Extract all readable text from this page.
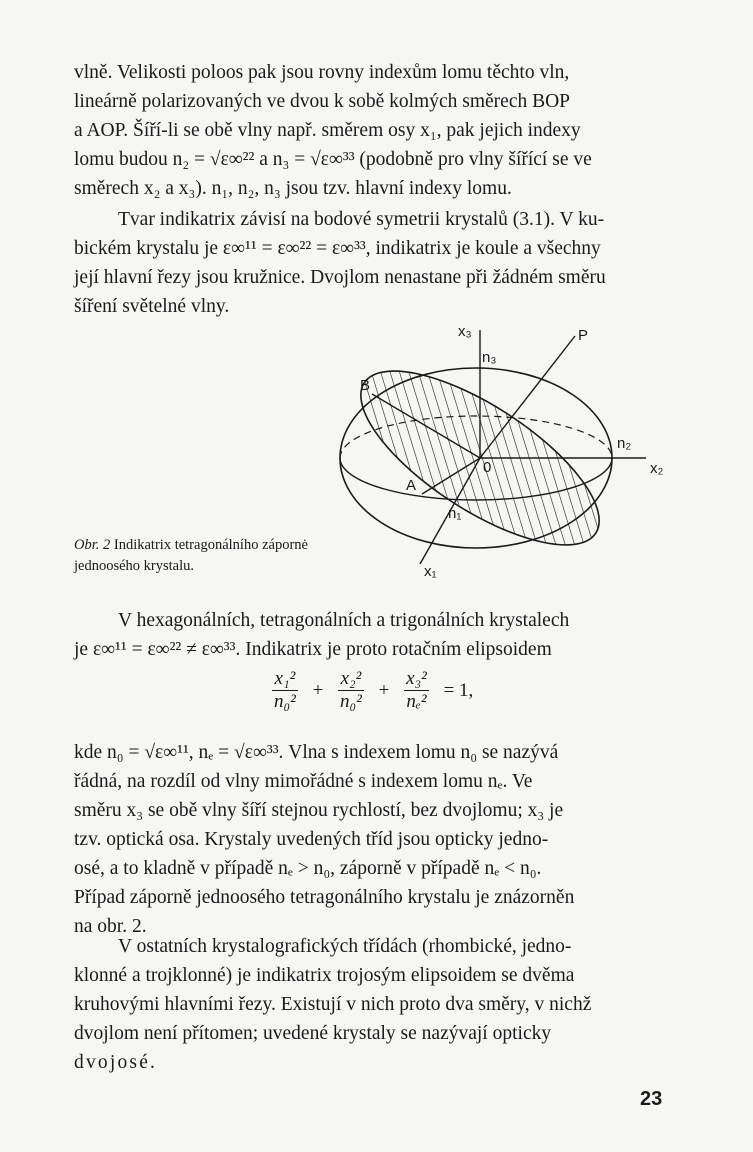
vlně. Velikosti poloos pak jsou rovny indexům lomu těchto vln,
lineárně polarizovaných ve dvou k sobě kolmých směrech BOP
a AOP. Šíří-li se obě vlny např. směrem osy x₁, pak jejich indexy
lomu budou n₂ = √ε∞²² a n₃ = √ε∞³³ (podobně pro vlny šířící se ve
směrech x₂ a x₃). n₁, n₂, n₃ jsou tzv. hlavní indexy lomu.

Tvar indikatrix závisí na bodové symetrii krystalů (3.1). V ku-
bickém krystalu je ε∞¹¹ = ε∞²² = ε∞³³, indikatrix je koule a všechny
její hlavní řezy jsou kružnice. Dvojlom nenastane při žádném směru
šíření světelné vlny.

x₃
n₃
P
B
n₂
x₂
0
A
n₁
x₁

Obr. 2 Indikatrix tetragonálního zápornė jednoosého krystalu.

V hexagonálních, tetragonálních a trigonálních krystalech
je ε∞¹¹ = ε∞²² ≠ ε∞³³. Indikatrix je proto rotačním elipsoidem

$\frac{\text{x₁²}}{\text{n₀²}} + \frac{\text{x₂²}}{\text{n₀²}} + \frac{\text{x₃²}}{\text{nₑ²}} = 1$,

kde n₀ = √ε∞¹¹, nₑ = √ε∞³³. Vlna s indexem lomu n₀ se nazývá
řádná, na rozdíl od vlny mimořádné s indexem lomu nₑ. Ve
směru x₃ se obě vlny šíří stejnou rychlostí, bez dvojlomu; x₃ je
tzv. optická osa. Krystaly uvedených tříd jsou opticky jedno-
osé, a to kladně v případě nₑ > n₀, záporně v případě nₑ < n₀.
Případ záporně jednoosého tetragonálního krystalu je znázorněn
na obr. 2.

V ostatních krystalografických třídách (rhombické, jedno-
klonné a trojklonné) je indikatrix trojosým elipsoidem se dvěma
kruhovými hlavními řezy. Existují v nich proto dva směry, v nichž
dvojlom není přítomen; uvedené krystaly se nazývají opticky
dvojosé.

23
